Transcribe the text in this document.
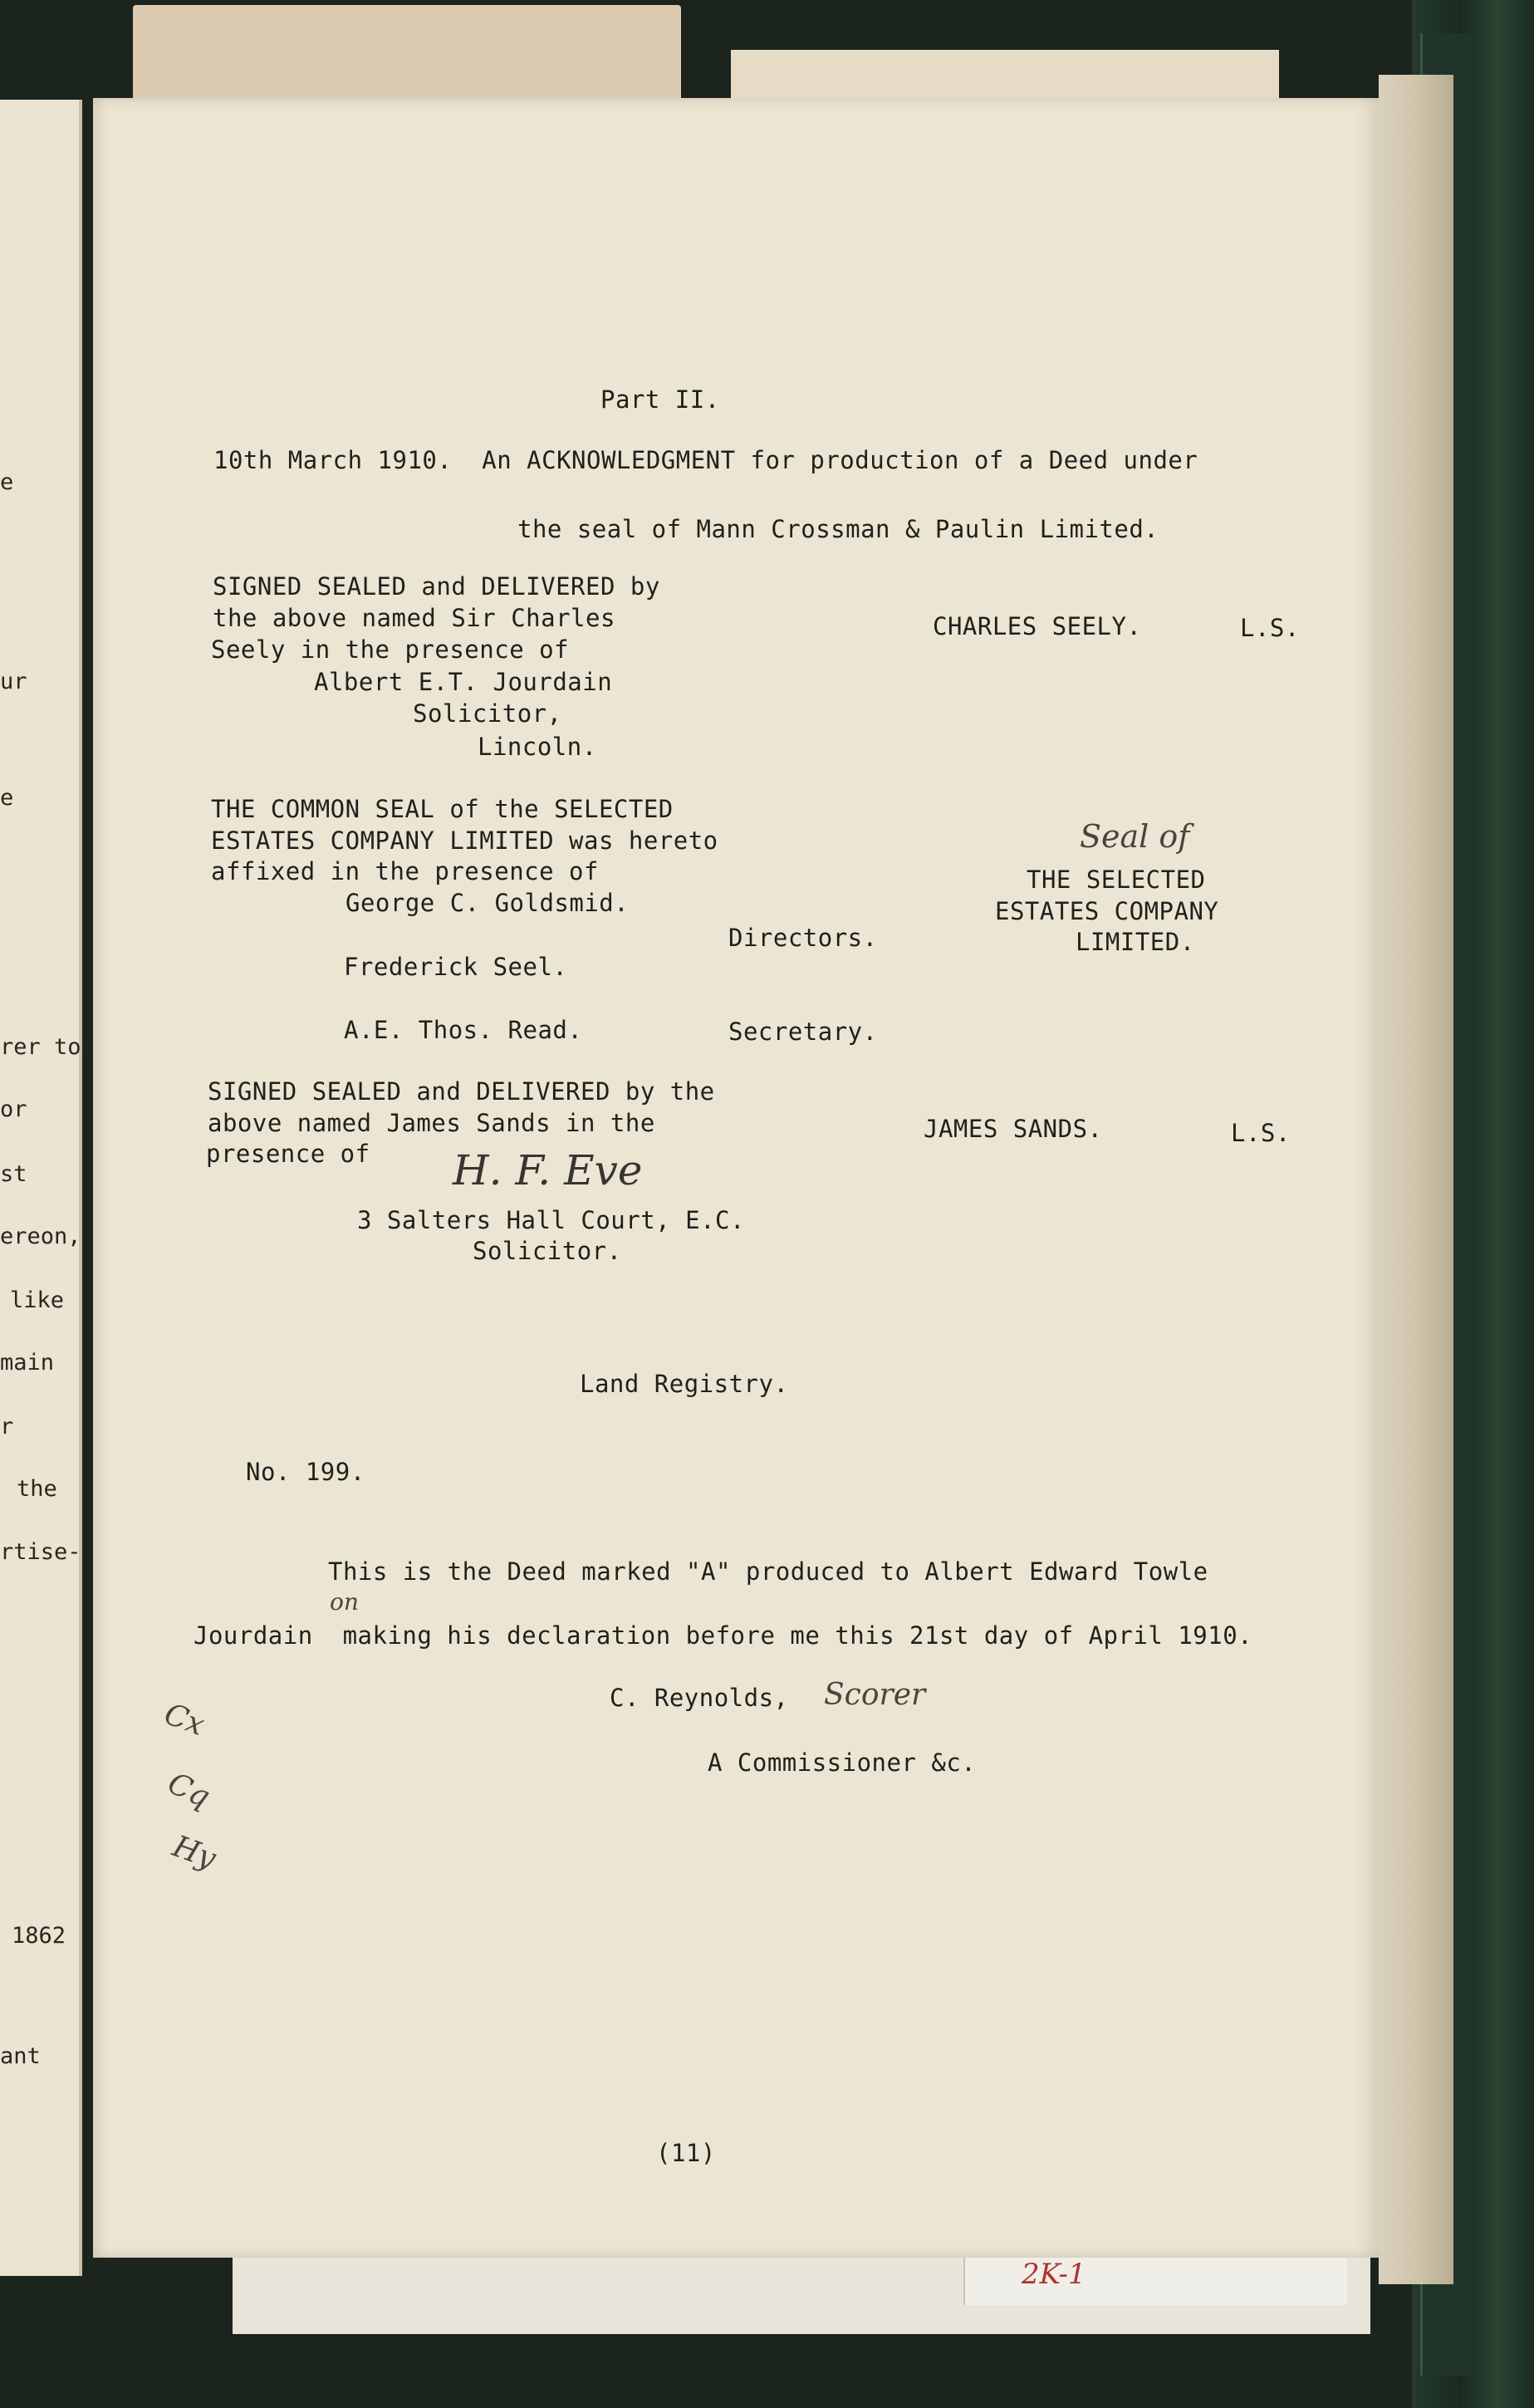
2K-1
e
ur
e
rer to
or
st
ereon,
like
main
r
the
rtise-
1862
ant
Part II.
10th March 1910.  An ACKNOWLEDGMENT for production of a Deed under
the seal of Mann Crossman & Paulin Limited.
SIGNED SEALED and DELIVERED by
the above named Sir Charles
Seely in the presence of
Albert E.T. Jourdain
Solicitor,
Lincoln.
CHARLES SEELY.	L.S.
THE COMMON SEAL of the SELECTED
ESTATES COMPANY LIMITED was hereto
affixed in the presence of
George C. Goldsmid.
Directors.
Frederick Seel.
A.E. Thos. Read.	Secretary.
Seal of
THE SELECTED
ESTATES COMPANY
LIMITED.
SIGNED SEALED and DELIVERED by the
above named James Sands in the
presence of H. F. Eve
3 Salters Hall Court, E.C.
Solicitor.
JAMES SANDS.	L.S.
Land Registry.
No. 199.
This is the Deed marked "A" produced to Albert Edward Towle
on
Jourdain  making his declaration before me this 21st day of April 1910.
C. Reynolds, Scorer
A Commissioner &c.
Cx
Cq
Hy
(11)
